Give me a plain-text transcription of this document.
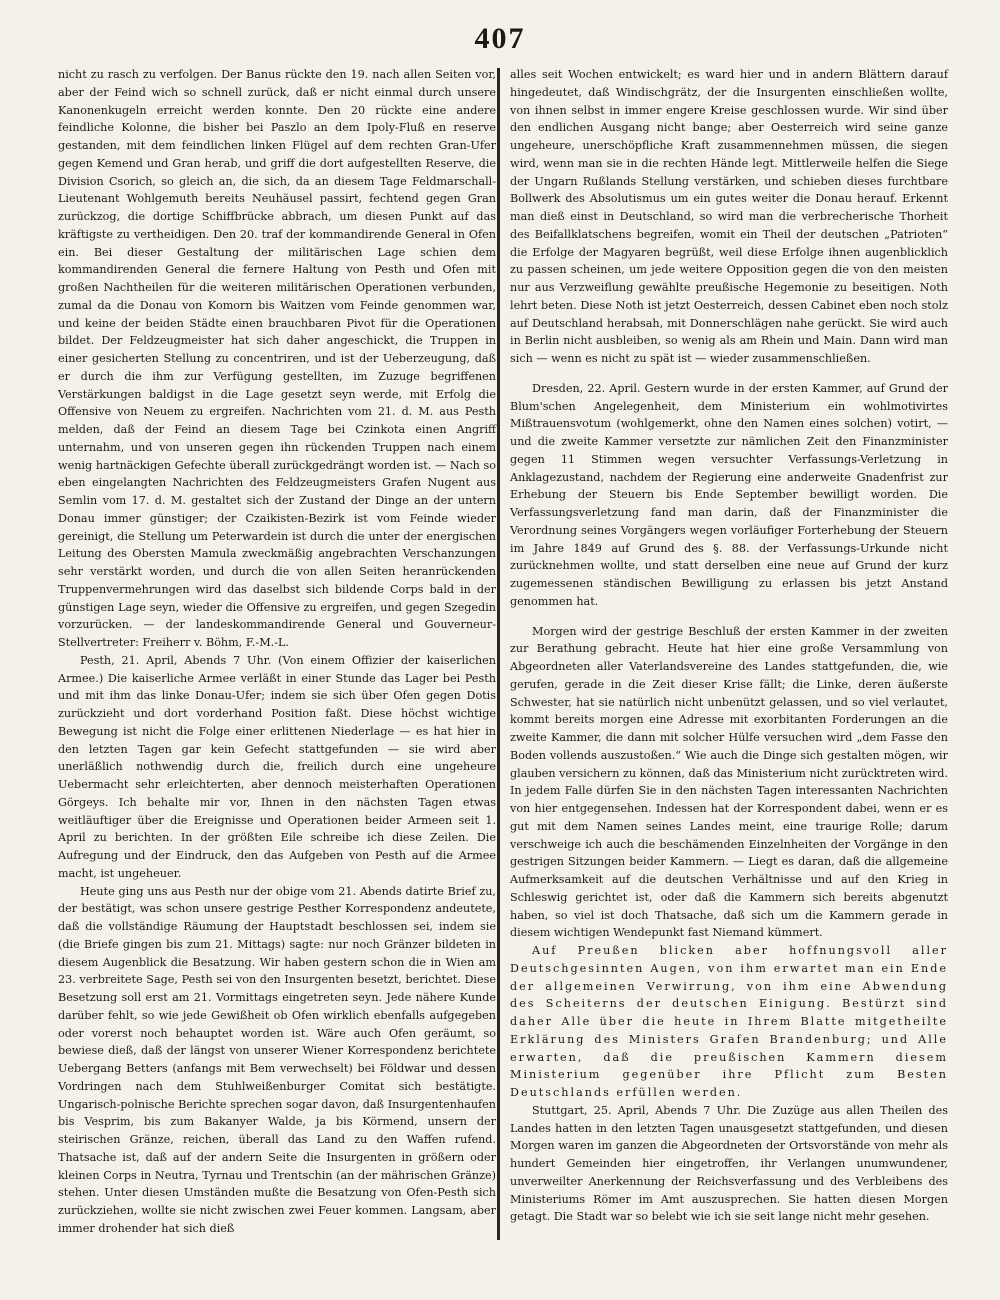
407

nicht zu rasch zu verfolgen. Der Banus rückte den 19. nach allen Seiten vor, aber der Feind wich so schnell zurück, daß er nicht einmal durch unsere Kanonenkugeln erreicht werden konnte. Den 20 rückte eine andere feindliche Kolonne, die bisher bei Paszlo an dem Ipoly-Fluß en reserve gestanden, mit dem feindlichen linken Flügel auf dem rechten Gran-Ufer gegen Kemend und Gran herab, und griff die dort aufgestellten Reserve, die Division Csorich, so gleich an, die sich, da an diesem Tage Feldmarschall-Lieutenant Wohlgemuth bereits Neuhäusel passirt, fechtend gegen Gran zurückzog, die dortige Schiffbrücke abbrach, um diesen Punkt auf das kräftigste zu vertheidigen. Den 20. traf der kommandirende General in Ofen ein. Bei dieser Gestaltung der militärischen Lage schien dem kommandirenden General die fernere Haltung von Pesth und Ofen mit großen Nachtheilen für die weiteren militärischen Operationen verbunden, zumal da die Donau von Komorn bis Waitzen vom Feinde genommen war, und keine der beiden Städte einen brauchbaren Pivot für die Operationen bildet. Der Feldzeugmeister hat sich daher angeschickt, die Truppen in einer gesicherten Stellung zu concentriren, und ist der Ueberzeugung, daß er durch die ihm zur Verfügung gestellten, im Zuzuge begriffenen Verstärkungen baldigst in die Lage gesetzt seyn werde, mit Erfolg die Offensive von Neuem zu ergreifen. Nachrichten vom 21. d. M. aus Pesth melden, daß der Feind an diesem Tage bei Czinkota einen Angriff unternahm, und von unseren gegen ihn rückenden Truppen nach einem wenig hartnäckigen Gefechte überall zurückgedrängt worden ist. — Nach so eben eingelangten Nachrichten des Feldzeugmeisters Grafen Nugent aus Semlin vom 17. d. M. gestaltet sich der Zustand der Dinge an der untern Donau immer günstiger; der Czaikisten-Bezirk ist vom Feinde wieder gereinigt, die Stellung um Peterwardein ist durch die unter der energischen Leitung des Obersten Mamula zweckmäßig angebrachten Verschanzungen sehr verstärkt worden, und durch die von allen Seiten heranrückenden Truppenvermehrungen wird das daselbst sich bildende Corps bald in der günstigen Lage seyn, wieder die Offensive zu ergreifen, und gegen Szegedin vorzurücken. — der landeskommandirende General und Gouverneur-Stellvertreter: Freiherr v. Böhm, F.-M.-L.

Pesth, 21. April, Abends 7 Uhr. (Von einem Offizier der kaiserlichen Armee.) Die kaiserliche Armee verläßt in einer Stunde das Lager bei Pesth und mit ihm das linke Donau-Ufer; indem sie sich über Ofen gegen Dotis zurückzieht und dort vorderhand Position faßt. Diese höchst wichtige Bewegung ist nicht die Folge einer erlittenen Niederlage — es hat hier in den letzten Tagen gar kein Gefecht stattgefunden — sie wird aber unerläßlich nothwendig durch die, freilich durch eine ungeheure Uebermacht sehr erleichterten, aber dennoch meisterhaften Operationen Görgeys. Ich behalte mir vor, Ihnen in den nächsten Tagen etwas weitläuftiger über die Ereignisse und Operationen beider Armeen seit 1. April zu berichten. In der größten Eile schreibe ich diese Zeilen. Die Aufregung und der Eindruck, den das Aufgeben von Pesth auf die Armee macht, ist ungeheuer.

Heute ging uns aus Pesth nur der obige vom 21. Abends datirte Brief zu, der bestätigt, was schon unsere gestrige Pesther Korrespondenz andeutete, daß die vollständige Räumung der Hauptstadt beschlossen sei, indem sie (die Briefe gingen bis zum 21. Mittags) sagte: nur noch Gränzer bildeten in diesem Augenblick die Besatzung. Wir haben gestern schon die in Wien am 23. verbreitete Sage, Pesth sei von den Insurgenten besetzt, berichtet. Diese Besetzung soll erst am 21. Vormittags eingetreten seyn. Jede nähere Kunde darüber fehlt, so wie jede Gewißheit ob Ofen wirklich ebenfalls aufgegeben oder vorerst noch behauptet worden ist. Wäre auch Ofen geräumt, so bewiese dieß, daß der längst von unserer Wiener Korrespondenz berichtete Uebergang Betters (anfangs mit Bem verwechselt) bei Földwar und dessen Vordringen nach dem Stuhlweißenburger Comitat sich bestätigte. Ungarisch-polnische Berichte sprechen sogar davon, daß Insurgentenhaufen bis Vesprim, bis zum Bakanyer Walde, ja bis Körmend, unsern der steirischen Gränze, reichen, überall das Land zu den Waffen rufend. Thatsache ist, daß auf der andern Seite die Insurgenten in größern oder kleinen Corps in Neutra, Tyrnau und Trentschin (an der mährischen Gränze) stehen. Unter diesen Umständen mußte die Besatzung von Ofen-Pesth sich zurückziehen, wollte sie nicht zwischen zwei Feuer kommen. Langsam, aber immer drohender hat sich dieß

alles seit Wochen entwickelt; es ward hier und in andern Blättern darauf hingedeutet, daß Windischgrätz, der die Insurgenten einschließen wollte, von ihnen selbst in immer engere Kreise geschlossen wurde. Wir sind über den endlichen Ausgang nicht bange; aber Oesterreich wird seine ganze ungeheure, unerschöpfliche Kraft zusammennehmen müssen, die siegen wird, wenn man sie in die rechten Hände legt. Mittlerweile helfen die Siege der Ungarn Rußlands Stellung verstärken, und schieben dieses furchtbare Bollwerk des Absolutismus um ein gutes weiter die Donau herauf. Erkennt man dieß einst in Deutschland, so wird man die verbrecherische Thorheit des Beifallklatschens begreifen, womit ein Theil der deutschen „Patrioten“ die Erfolge der Magyaren begrüßt, weil diese Erfolge ihnen augenblicklich zu passen scheinen, um jede weitere Opposition gegen die von den meisten nur aus Verzweiflung gewählte preußische Hegemonie zu beseitigen. Noth lehrt beten. Diese Noth ist jetzt Oesterreich, dessen Cabinet eben noch stolz auf Deutschland herabsah, mit Donnerschlägen nahe gerückt. Sie wird auch in Berlin nicht ausbleiben, so wenig als am Rhein und Main. Dann wird man sich — wenn es nicht zu spät ist — wieder zusammenschließen.

Dresden, 22. April. Gestern wurde in der ersten Kammer, auf Grund der Blum'schen Angelegenheit, dem Ministerium ein wohlmotivirtes Mißtrauensvotum (wohlgemerkt, ohne den Namen eines solchen) votirt, — und die zweite Kammer versetzte zur nämlichen Zeit den Finanzminister gegen 11 Stimmen wegen versuchter Verfassungs-Verletzung in Anklagezustand, nachdem der Regierung eine anderweite Gnadenfrist zur Erhebung der Steuern bis Ende September bewilligt worden. Die Verfassungsverletzung fand man darin, daß der Finanzminister die Verordnung seines Vorgängers wegen vorläufiger Forterhebung der Steuern im Jahre 1849 auf Grund des §. 88. der Verfassungs-Urkunde nicht zurücknehmen wollte, und statt derselben eine neue auf Grund der kurz zugemessenen ständischen Bewilligung zu erlassen bis jetzt Anstand genommen hat.

Morgen wird der gestrige Beschluß der ersten Kammer in der zweiten zur Berathung gebracht. Heute hat hier eine große Versammlung von Abgeordneten aller Vaterlandsvereine des Landes stattgefunden, die, wie gerufen, gerade in die Zeit dieser Krise fällt; die Linke, deren äußerste Schwester, hat sie natürlich nicht unbenützt gelassen, und so viel verlautet, kommt bereits morgen eine Adresse mit exorbitanten Forderungen an die zweite Kammer, die dann mit solcher Hülfe versuchen wird „dem Fasse den Boden vollends auszustoßen.“ Wie auch die Dinge sich gestalten mögen, wir glauben versichern zu können, daß das Ministerium nicht zurücktreten wird. In jedem Falle dürfen Sie in den nächsten Tagen interessanten Nachrichten von hier entgegensehen. Indessen hat der Korrespondent dabei, wenn er es gut mit dem Namen seines Landes meint, eine traurige Rolle; darum verschweige ich auch die beschämenden Einzelnheiten der Vorgänge in den gestrigen Sitzungen beider Kammern. — Liegt es daran, daß die allgemeine Aufmerksamkeit auf die deutschen Verhältnisse und auf den Krieg in Schleswig gerichtet ist, oder daß die Kammern sich bereits abgenutzt haben, so viel ist doch Thatsache, daß sich um die Kammern gerade in diesem wichtigen Wendepunkt fast Niemand kümmert.

Auf Preußen blicken aber hoffnungsvoll aller Deutschgesinnten Augen, von ihm erwartet man ein Ende der allgemeinen Verwirrung, von ihm eine Abwendung des Scheiterns der deutschen Einigung. Bestürzt sind daher Alle über die heute in Ihrem Blatte mitgetheilte Erklärung des Ministers Grafen Brandenburg; und Alle erwarten, daß die preußischen Kammern diesem Ministerium gegenüber ihre Pflicht zum Besten Deutschlands erfüllen werden.

Stuttgart, 25. April, Abends 7 Uhr. Die Zuzüge aus allen Theilen des Landes hatten in den letzten Tagen unausgesetzt stattgefunden, und diesen Morgen waren im ganzen die Abgeordneten der Ortsvorstände von mehr als hundert Gemeinden hier eingetroffen, ihr Verlangen unumwundener, unverweilter Anerkennung der Reichsverfassung und des Verbleibens des Ministeriums Römer im Amt auszusprechen. Sie hatten diesen Morgen getagt. Die Stadt war so belebt wie ich sie seit lange nicht mehr gesehen.
